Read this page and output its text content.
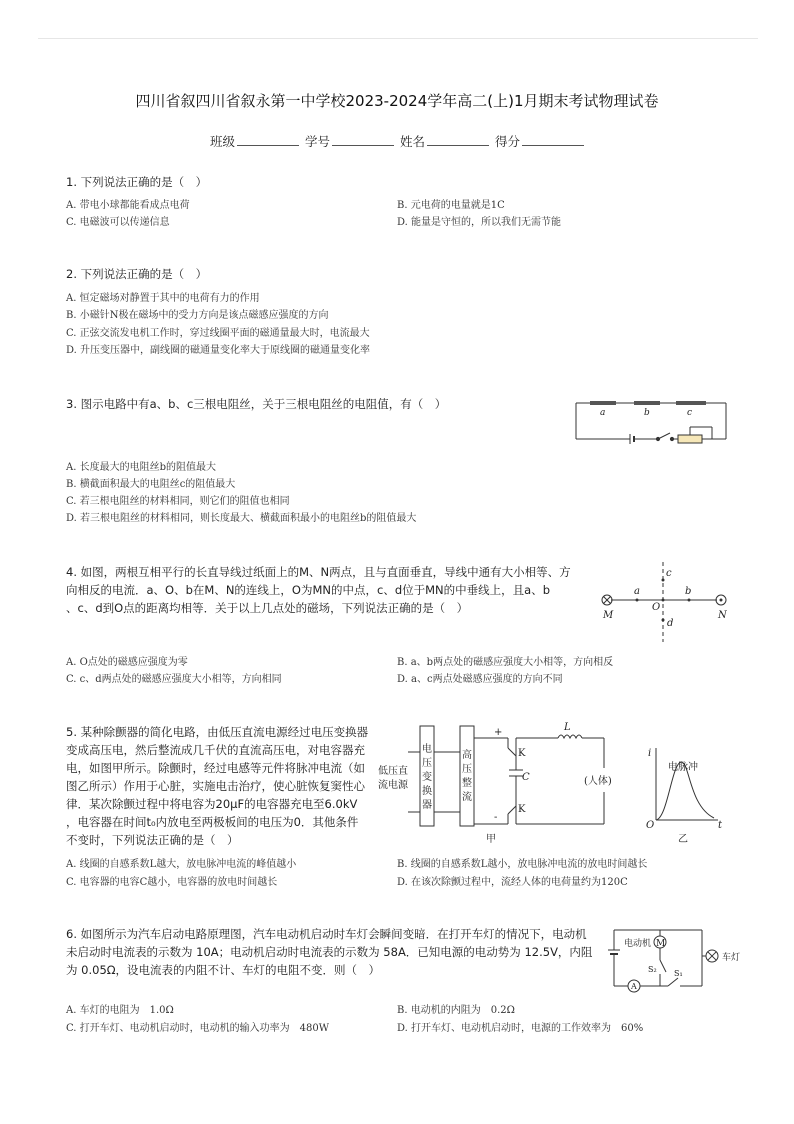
四川省叙四川省叙永第一中学校2023-2024学年高二(上)1月期末考试物理试卷
班级	学号	姓名	得分
1. 下列说法正确的是（　）
A. 带电小球都能看成点电荷	B. 元电荷的电量就是1C
C. 电磁波可以传递信息	D. 能量是守恒的，所以我们无需节能
2. 下列说法正确的是（　）
A. 恒定磁场对静置于其中的电荷有力的作用
B. 小磁针N极在磁场中的受力方向是该点磁感应强度的方向
C. 正弦交流发电机工作时，穿过线圈平面的磁通量最大时，电流最大
D. 升压变压器中，副线圈的磁通量变化率大于原线圈的磁通量变化率
3. 图示电路中有a、b、c三根电阻丝，关于三根电阻丝的电阻值，有（　）
a	b	c
A. 长度最大的电阻丝b的阻值最大
B. 横截面积最大的电阻丝c的阻值最大
C. 若三根电阻丝的材料相同，则它们的阻值也相同
D. 若三根电阻丝的材料相同，则长度最大、横截面积最小的电阻丝b的阻值最大
4. 如图，两根互相平行的长直导线过纸面上的M、N两点，且与直面垂直，导线中通有大小相等、方
向相反的电流．a、O、b在M、N的连线上，O为MN的中点，c、d位于MN的中垂线上，且a、b
、c、d到O点的距离均相等．关于以上几点处的磁场，下列说法正确的是（　）
M
a
O
b
N
c
d
A. O点处的磁感应强度为零	B. a、b两点处的磁感应强度大小相等，方向相反
C. c、d两点处的磁感应强度大小相等，方向相同	D. a、c两点处磁感应强度的方向不同
5. 某种除颤器的简化电路，由低压直流电源经过电压变换器
变成高压电，然后整流成几千伏的直流高压电，对电容器充
电，如图甲所示。除颤时，经过电感等元件将脉冲电流（如
图乙所示）作用于心脏，实施电击治疗，使心脏恢复窦性心
律．某次除颤过程中将电容为20μF的电容器充电至6.0kV
，电容器在时间t₀内放电至两极板间的电压为0．其他条件
不变时，下列说法正确的是（　）
低压直
流电源
电
压
变
换
器
高
压
整
流
+
-
K
K
C
L
(人体)
甲
i
电脉冲
O	t
乙
A. 线圈的自感系数L越大，放电脉冲电流的峰值越小	B. 线圈的自感系数L越小，放电脉冲电流的放电时间越长
C. 电容器的电容C越小，电容器的放电时间越长	D. 在该次除颤过程中，流经人体的电荷量约为120C
6. 如图所示为汽车启动电路原理图，汽车电动机启动时车灯会瞬间变暗．在打开车灯的情况下，电动机
未启动时电流表的示数为 10A；电动机启动时电流表的示数为 58A．已知电源的电动势为 12.5V，内阻
为 0.05Ω，设电流表的内阻不计、车灯的电阻不变．则（　）
电动机 M
车灯
A
S₂ S₁
A. 车灯的电阻为　1.0Ω	B. 电动机的内阻为　0.2Ω
C. 打开车灯、电动机启动时，电动机的输入功率为　480W	D. 打开车灯、电动机启动时，电源的工作效率为　60%
